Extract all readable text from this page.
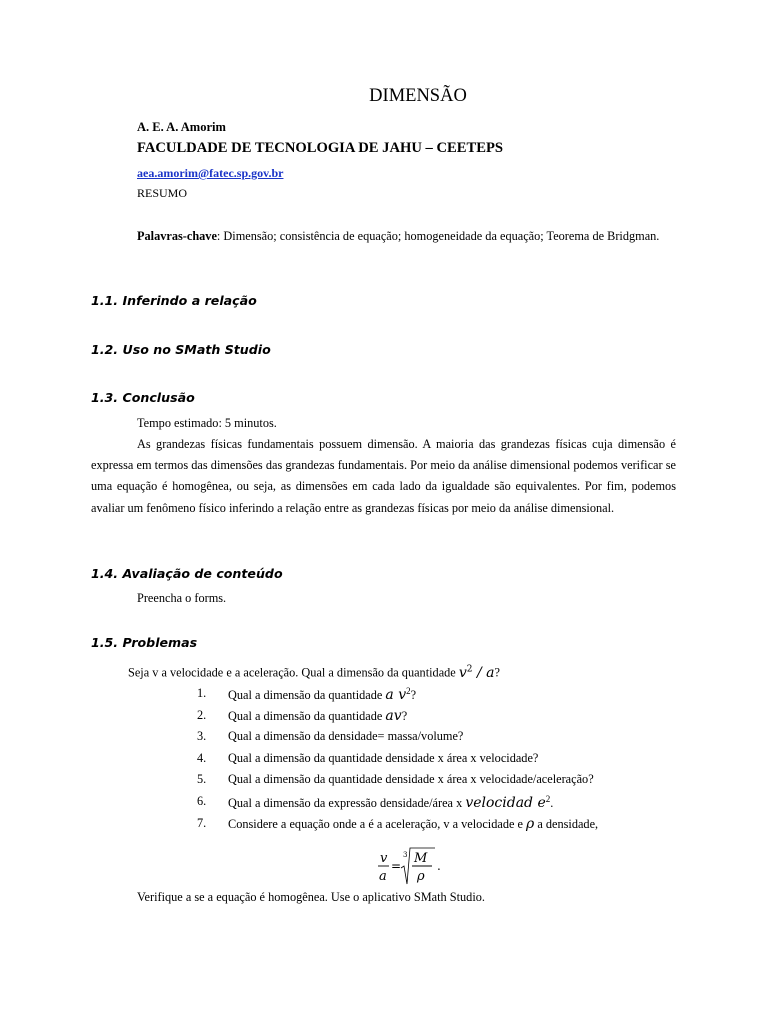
DIMENSÃO
A. E. A. Amorim
FACULDADE DE TECNOLOGIA DE JAHU – CEETEPS
aea.amorim@fatec.sp.gov.br
RESUMO

Palavras-chave: Dimensão; consistência de equação; homogeneidade da equação; Teorema de Bridgman.

1.1. Inferindo a relação
1.2. Uso no SMath Studio
1.3. Conclusão
Tempo estimado: 5 minutos.

As grandezas físicas fundamentais possuem dimensão. A maioria das grandezas físicas cuja dimensão é expressa em termos das dimensões das grandezas fundamentais. Por meio da análise dimensional podemos verificar se uma equação é homogênea, ou seja, as dimensões em cada lado da igualdade são equivalentes. Por fim, podemos avaliar um fenômeno físico inferindo a relação entre as grandezas físicas por meio da análise dimensional.

1.4. Avaliação de conteúdo
Preencha o forms.
1.5. Problemas
Seja v a velocidade e a aceleração. Qual a dimensão da quantidade $v^2$ / a?
1. Qual a dimensão da quantidade a $v^2$?
2. Qual a dimensão da quantidade av?
3. Qual a dimensão da densidade= massa/volume?
4. Qual a dimensão da quantidade densidade x área x velocidade?
5. Qual a dimensão da quantidade densidade x área x velocidade/aceleração?
6. Qual a dimensão da expressão densidade/área x velocidad $e^2$.
7. Considere a equação onde a é a aceleração, v a velocidade e ρ a densidade,
v
a
=
3 M
ρ
.
Verifique a se a equação é homogênea. Use o aplicativo SMath Studio.
